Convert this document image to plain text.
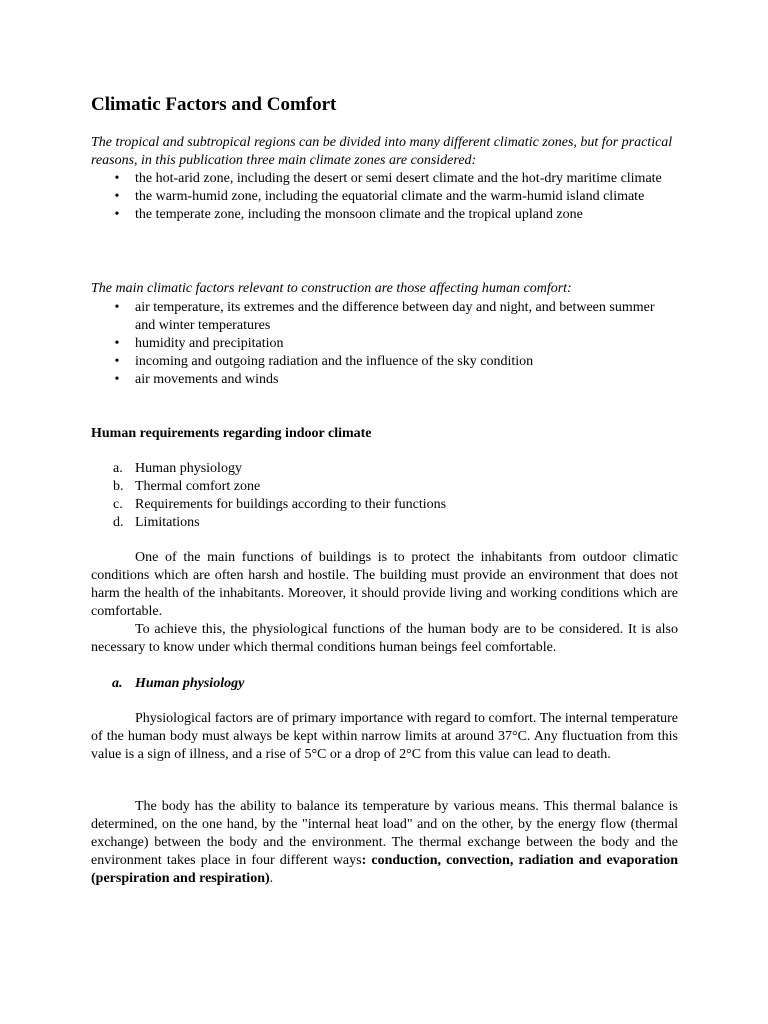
Climatic Factors and Comfort

The tropical and subtropical regions can be divided into many different climatic zones, but for practical reasons, in this publication three main climate zones are considered:

• the hot-arid zone, including the desert or semi desert climate and the hot-dry maritime climate
• the warm-humid zone, including the equatorial climate and the warm-humid island climate
• the temperate zone, including the monsoon climate and the tropical upland zone

The main climatic factors relevant to construction are those affecting human comfort:

• air temperature, its extremes and the difference between day and night, and between summer and winter temperatures
• humidity and precipitation
• incoming and outgoing radiation and the influence of the sky condition
• air movements and winds
Human requirements regarding indoor climate
a. Human physiology
b. Thermal comfort zone
c. Requirements for buildings according to their functions
d. Limitations

One of the main functions of buildings is to protect the inhabitants from outdoor climatic conditions which are often harsh and hostile. The building must provide an environment that does not harm the health of the inhabitants. Moreover, it should provide living and working conditions which are comfortable.

To achieve this, the physiological functions of the human body are to be considered. It is also necessary to know under which thermal conditions human beings feel comfortable.

a. Human physiology

Physiological factors are of primary importance with regard to comfort. The internal temperature of the human body must always be kept within narrow limits at around 37°C. Any fluctuation from this value is a sign of illness, and a rise of 5°C or a drop of 2°C from this value can lead to death.

The body has the ability to balance its temperature by various means. This thermal balance is determined, on the one hand, by the "internal heat load" and on the other, by the energy flow (thermal exchange) between the body and the environment. The thermal exchange between the body and the environment takes place in four different ways: conduction, convection, radiation and evaporation (perspiration and respiration).
